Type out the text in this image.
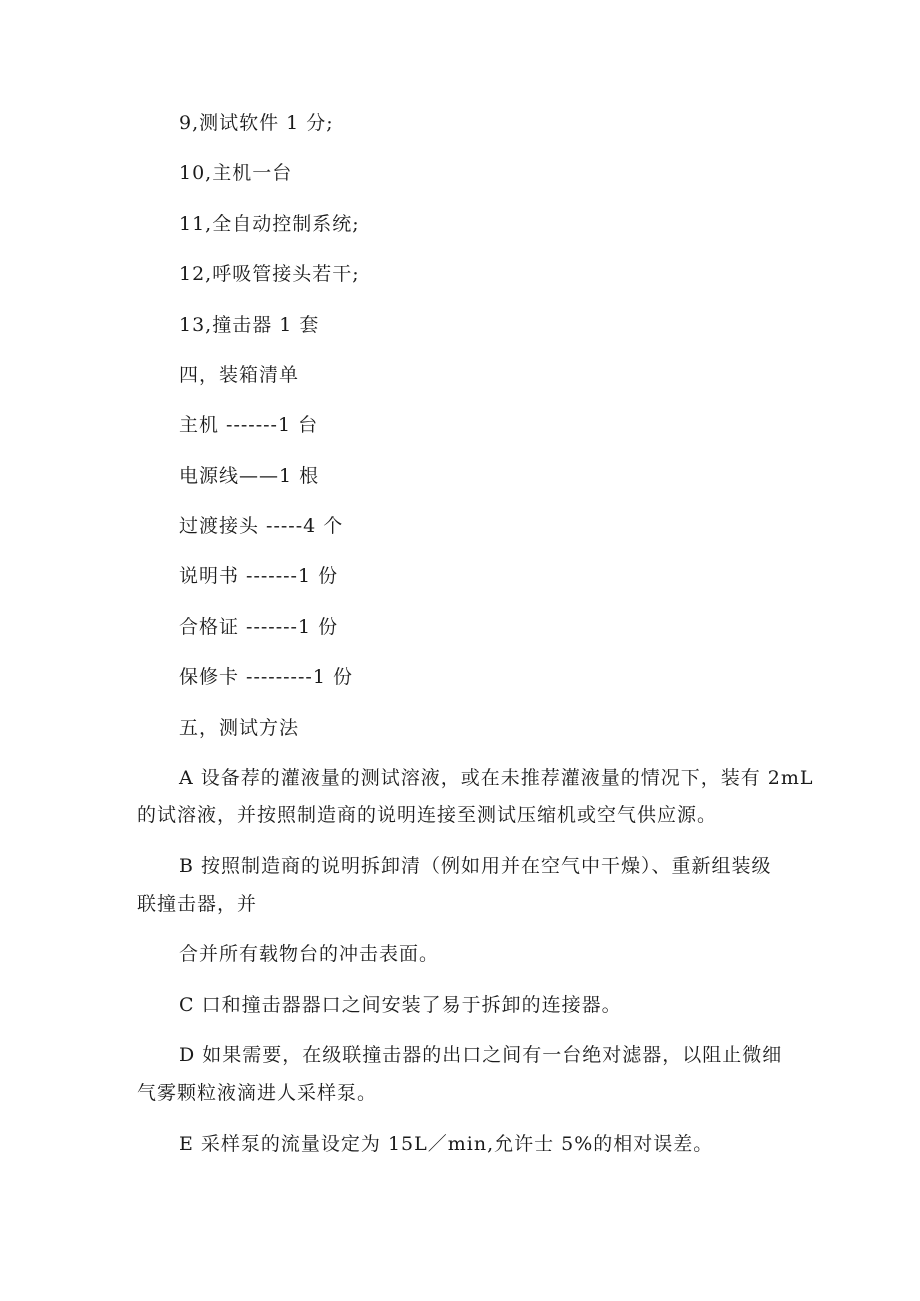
9,测试软件 1 分;
10,主机一台
11,全自动控制系统;
12,呼吸管接头若干;
13,撞击器 1 套
四，装箱清单
主机 -------1 台
电源线——1 根
过渡接头 -----4 个
说明书 -------1 份
合格证 -------1 份
保修卡 ---------1 份
五，测试方法
A 设备荐的灌液量的测试溶液，或在未推荐灌液量的情况下，装有 2mL
的试溶液，并按照制造商的说明连接至测试压缩机或空气供应源。
B 按照制造商的说明拆卸清（例如用并在空气中干燥）、重新组装级
联撞击器，并
合并所有载物台的冲击表面。
C 口和撞击器器口之间安装了易于拆卸的连接器。
D 如果需要，在级联撞击器的出口之间有一台绝对滤器，以阻止微细
气雾颗粒液滴进人采样泵。
E 采样泵的流量设定为 15L／min,允许士 5%的相对误差。
